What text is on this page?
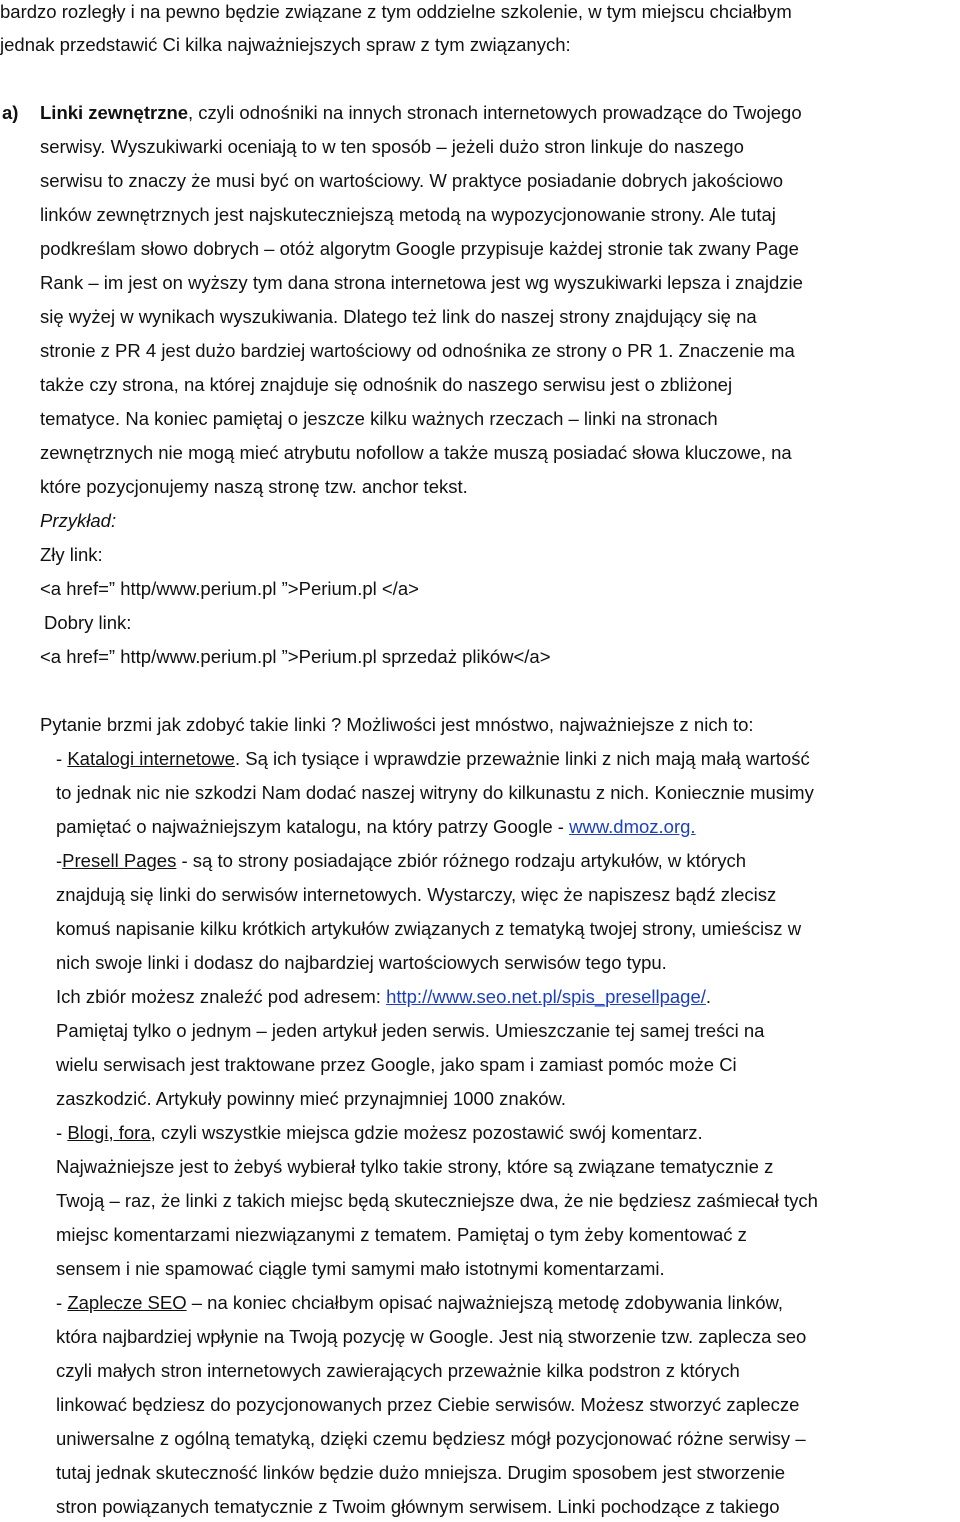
bardzo rozległy i na pewno będzie związane z tym oddzielne szkolenie, w tym miejscu chciałbym
jednak przedstawić Ci kilka najważniejszych spraw z tym związanych:
a) Linki zewnętrzne, czyli odnośniki na innych stronach internetowych prowadzące do Twojego
serwisy. Wyszukiwarki oceniają to w ten sposób – jeżeli dużo stron linkuje do naszego
serwisu to znaczy że musi być on wartościowy. W praktyce posiadanie dobrych jakościowo
linków zewnętrznych jest najskuteczniejszą metodą na wypozycjonowanie strony. Ale tutaj
podkreślam słowo dobrych – otóż algorytm Google przypisuje każdej stronie tak zwany Page
Rank – im jest on wyższy tym dana strona internetowa jest wg wyszukiwarki lepsza i znajdzie
się wyżej w wynikach wyszukiwania. Dlatego też link do naszej strony znajdujący się na
stronie z PR 4 jest dużo bardziej wartościowy od odnośnika ze strony o PR 1. Znaczenie ma
także czy strona, na której znajduje się odnośnik do naszego serwisu jest o zbliżonej
tematyce. Na koniec pamiętaj o jeszcze kilku ważnych rzeczach – linki na stronach
zewnętrznych nie mogą mieć atrybutu nofollow a także muszą posiadać słowa kluczowe, na
które pozycjonujemy naszą stronę tzw. anchor tekst.
Przykład:
Zły link:
<a href=” http/www.perium.pl ”>Perium.pl </a>
Dobry link:
<a href=” http/www.perium.pl ”>Perium.pl sprzedaż plików</a>
Pytanie brzmi jak zdobyć takie linki ? Możliwości jest mnóstwo, najważniejsze z nich to:
- Katalogi internetowe. Są ich tysiące i wprawdzie przeważnie linki z nich mają małą wartość
to jednak nic nie szkodzi Nam dodać naszej witryny do kilkunastu z nich. Konieczniе musimy
pamiętać o najważniejszym katalogu, na który patrzy Google - www.dmoz.org.
-Presell Pages - są to strony posiadające zbiór różnego rodzaju artykułów, w których
znajdują się linki do serwisów internetowych. Wystarczy, więc że napiszesz bądź zlecisz
komuś napisanie kilku krótkich artykułów związanych z tematyką twojej strony, umieścisz w
nich swoje linki i dodasz do najbardziej wartościowych serwisów tego typu.
Ich zbiór możesz znaleźć pod adresem: http://www.seo.net.pl/spis_presellpage/.
Pamiętaj tylko o jednym – jeden artykuł jeden serwis. Umieszczanie tej samej treści na
wielu serwisach jest traktowane przez Google, jako spam i zamiast pomóc może Ci
zaszkodzić. Artykuły powinny mieć przynajmniej 1000 znaków.
- Blogi, fora, czyli wszystkie miejsca gdzie możesz pozostawić swój komentarz.
Najważniejsze jest to żebyś wybierał tylko takie strony, które są związane tematycznie z
Twoją – raz, że linki z takich miejsc będą skuteczniejsze dwa, że nie będziesz zaśmiecał tych
miejsc komentarzami niezwiązanymi z tematem. Pamiętaj o tym żeby komentować z
sensem i nie spamować ciągle tymi samymi mało istotnymi komentarzami.
- Zaplecze SEO – na koniec chciałbym opisać najważniejszą metodę zdobywania linków,
która najbardziej wpłynie na Twoją pozycję w Google. Jest nią stworzenie tzw. zaplecza seo
czyli małych stron internetowych zawierających przeważnie kilka podstron z których
linkować będziesz do pozycjonowanych przez Ciebie serwisów. Możesz stworzyć zaplecze
uniwersalne z ogólną tematyką, dzięki czemu będziesz mógł pozycjonować różne serwisy –
tutaj jednak skuteczność linków będzie dużo mniejsza. Drugim sposobem jest stworzenie
stron powiązanych tematycznie z Twoim głównym serwisem. Linki pochodzące z takiego
